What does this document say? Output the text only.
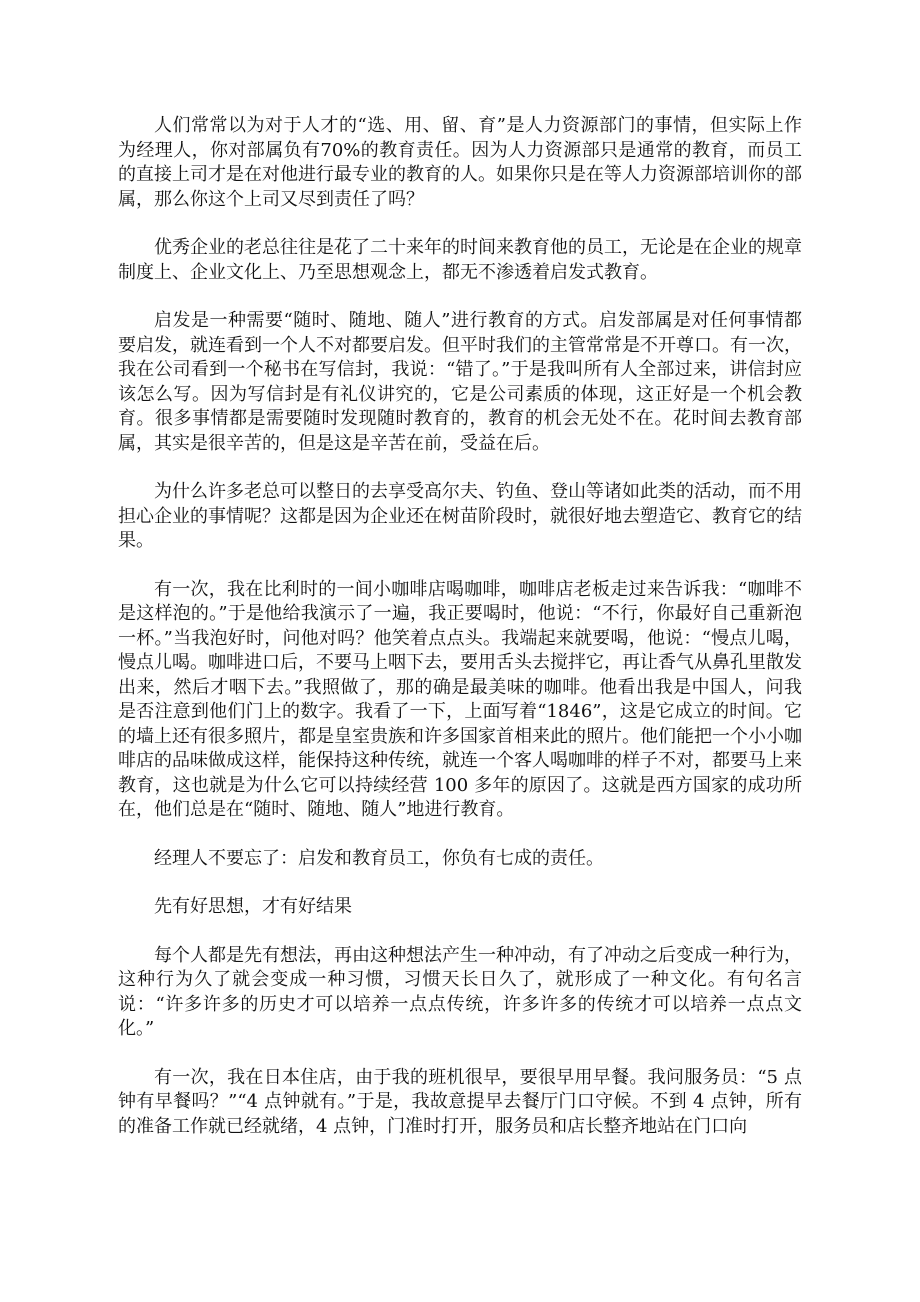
人们常常以为对于人才的“选、用、留、育”是人力资源部门的事情，但实际上作为经理人，你对部属负有70%的教育责任。因为人力资源部只是通常的教育，而员工的直接上司才是在对他进行最专业的教育的人。如果你只是在等人力资源部培训你的部属，那么你这个上司又尽到责任了吗？

优秀企业的老总往往是花了二十来年的时间来教育他的员工，无论是在企业的规章制度上、企业文化上、乃至思想观念上，都无不渗透着启发式教育。

启发是一种需要“随时、随地、随人”进行教育的方式。启发部属是对任何事情都要启发，就连看到一个人不对都要启发。但平时我们的主管常常是不开尊口。有一次，我在公司看到一个秘书在写信封，我说：“错了。”于是我叫所有人全部过来，讲信封应该怎么写。因为写信封是有礼仪讲究的，它是公司素质的体现，这正好是一个机会教育。很多事情都是需要随时发现随时教育的，教育的机会无处不在。花时间去教育部属，其实是很辛苦的，但是这是辛苦在前，受益在后。

为什么许多老总可以整日的去享受高尔夫、钓鱼、登山等诸如此类的活动，而不用担心企业的事情呢？这都是因为企业还在树苗阶段时，就很好地去塑造它、教育它的结果。

有一次，我在比利时的一间小咖啡店喝咖啡，咖啡店老板走过来告诉我：“咖啡不是这样泡的。”于是他给我演示了一遍，我正要喝时，他说：“不行，你最好自己重新泡一杯。”当我泡好时，问他对吗？他笑着点点头。我端起来就要喝，他说：“慢点儿喝，慢点儿喝。咖啡进口后，不要马上咽下去，要用舌头去搅拌它，再让香气从鼻孔里散发出来，然后才咽下去。”我照做了，那的确是最美味的咖啡。他看出我是中国人，问我是否注意到他们门上的数字。我看了一下，上面写着“1846”，这是它成立的时间。它的墙上还有很多照片，都是皇室贵族和许多国家首相来此的照片。他们能把一个小小咖啡店的品味做成这样，能保持这种传统，就连一个客人喝咖啡的样子不对，都要马上来教育，这也就是为什么它可以持续经营 100 多年的原因了。这就是西方国家的成功所在，他们总是在“随时、随地、随人”地进行教育。

经理人不要忘了：启发和教育员工，你负有七成的责任。

先有好思想，才有好结果

每个人都是先有想法，再由这种想法产生一种冲动，有了冲动之后变成一种行为，这种行为久了就会变成一种习惯，习惯天长日久了，就形成了一种文化。有句名言说：“许多许多的历史才可以培养一点点传统，许多许多的传统才可以培养一点点文化。”

有一次，我在日本住店，由于我的班机很早，要很早用早餐。我问服务员：“5 点钟有早餐吗？”“4 点钟就有。”于是，我故意提早去餐厅门口守候。不到 4 点钟，所有的准备工作就已经就绪，4 点钟，门准时打开，服务员和店长整齐地站在门口向
